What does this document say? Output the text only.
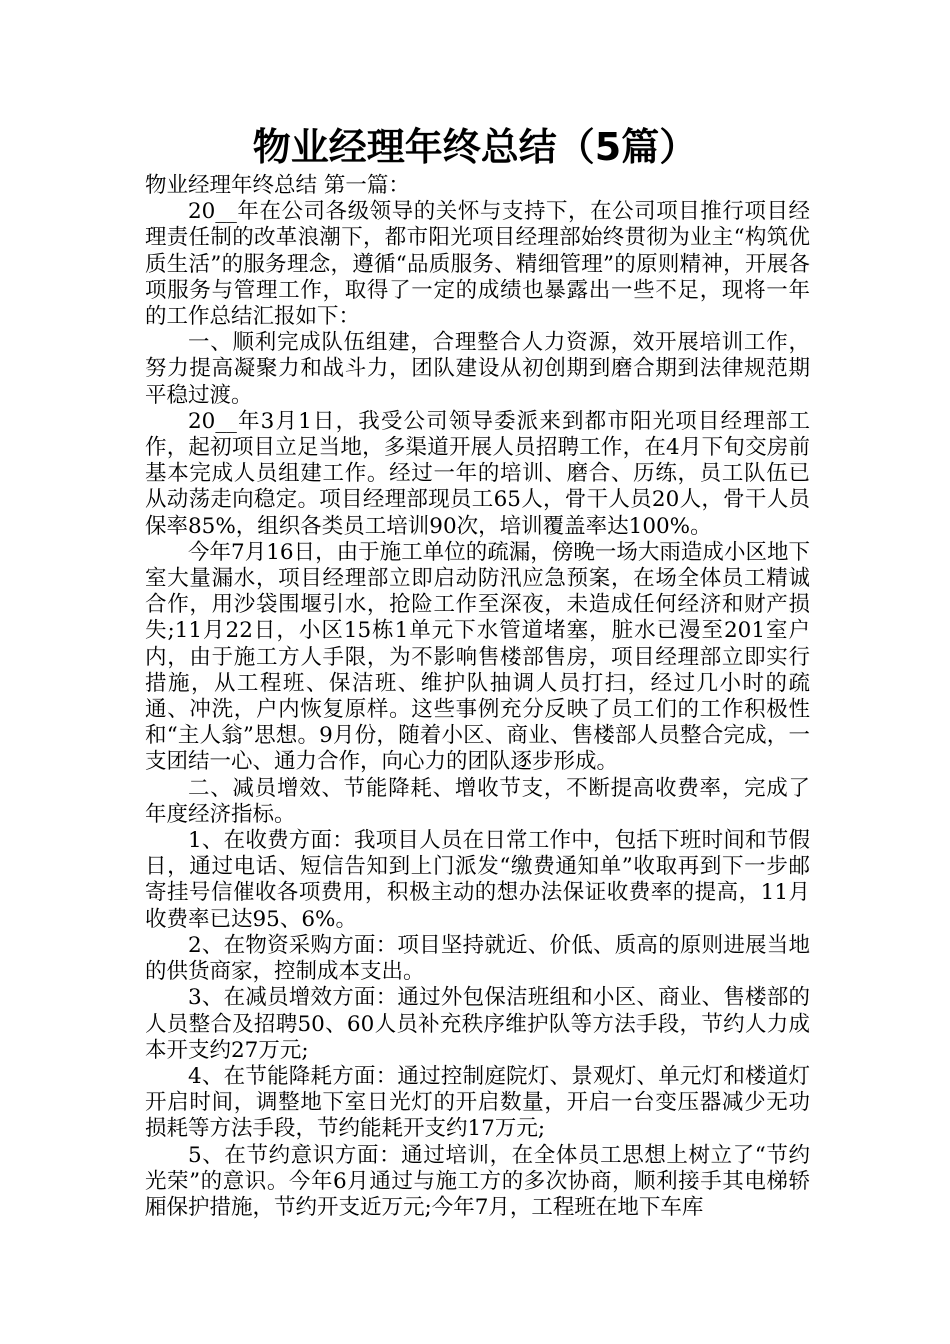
物业经理年终总结（5篇）

物业经理年终总结 第一篇：

20__年在公司各级领导的关怀与支持下，在公司项目推行项目经理责任制的改革浪潮下，都市阳光项目经理部始终贯彻为业主“构筑优质生活”的服务理念，遵循“品质服务、精细管理”的原则精神，开展各项服务与管理工作，取得了一定的成绩也暴露出一些不足，现将一年的工作总结汇报如下：

一、顺利完成队伍组建，合理整合人力资源，效开展培训工作，努力提高凝聚力和战斗力，团队建设从初创期到磨合期到法律规范期平稳过渡。

20__年3月1日，我受公司领导委派来到都市阳光项目经理部工作，起初项目立足当地，多渠道开展人员招聘工作，在4月下旬交房前基本完成人员组建工作。经过一年的培训、磨合、历练，员工队伍已从动荡走向稳定。项目经理部现员工65人，骨干人员20人，骨干人员保率85%，组织各类员工培训90次，培训覆盖率达100%。

今年7月16日，由于施工单位的疏漏，傍晚一场大雨造成小区地下室大量漏水，项目经理部立即启动防汛应急预案，在场全体员工精诚合作，用沙袋围堰引水，抢险工作至深夜，未造成任何经济和财产损失;11月22日，小区15栋1单元下水管道堵塞，脏水已漫至201室户内，由于施工方人手限，为不影响售楼部售房，项目经理部立即实行措施，从工程班、保洁班、维护队抽调人员打扫，经过几小时的疏通、冲洗，户内恢复原样。这些事例充分反映了员工们的工作积极性和“主人翁”思想。9月份，随着小区、商业、售楼部人员整合完成，一支团结一心、通力合作，向心力的团队逐步形成。

二、减员增效、节能降耗、增收节支，不断提高收费率，完成了年度经济指标。

1、在收费方面：我项目人员在日常工作中，包括下班时间和节假日，通过电话、短信告知到上门派发“缴费通知单”收取再到下一步邮寄挂号信催收各项费用，积极主动的想办法保证收费率的提高，11月收费率已达95、6%。

2、在物资采购方面：项目坚持就近、价低、质高的原则进展当地的供货商家，控制成本支出。

3、在减员增效方面：通过外包保洁班组和小区、商业、售楼部的人员整合及招聘50、60人员补充秩序维护队等方法手段，节约人力成本开支约27万元;

4、在节能降耗方面：通过控制庭院灯、景观灯、单元灯和楼道灯开启时间，调整地下室日光灯的开启数量，开启一台变压器减少无功损耗等方法手段，节约能耗开支约17万元;

5、在节约意识方面：通过培训，在全体员工思想上树立了“节约光荣”的意识。今年6月通过与施工方的多次协商，顺利接手其电梯轿厢保护措施，节约开支近万元;今年7月，工程班在地下车库
